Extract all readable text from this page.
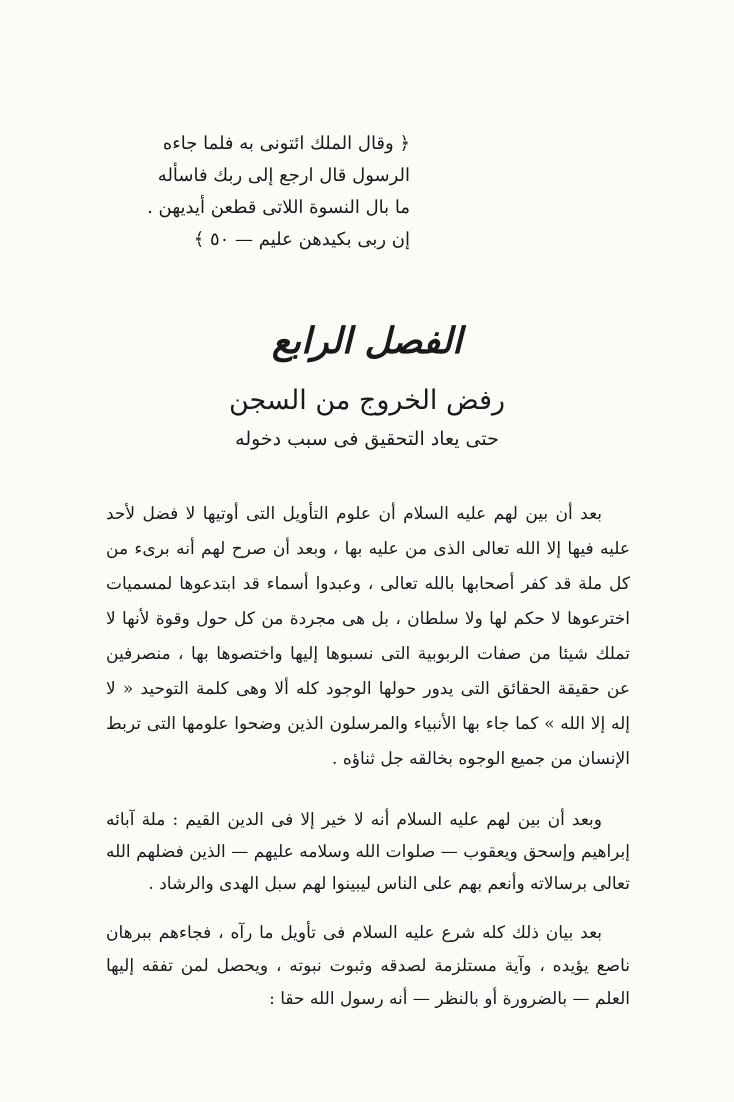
﴿ وقال الملك ائتونى به فلما جاءه
الرسول قال ارجع إلى ربك فاسأله
ما بال النسوة اللاتى قطعن أيديهن .
إن ربى بكيدهن عليم — ٥٠ ﴾
الفصل الرابع
رفض الخروج من السجن
حتى يعاد التحقيق فى سبب دخوله

بعد أن بين لهم عليه السلام أن علوم التأويل التى أوتيها لا فضل لأحد عليه فيها إلا الله تعالى الذى من عليه بها ، وبعد أن صرح لهم أنه برىء من كل ملة قد كفر أصحابها بالله تعالى ، وعبدوا أسماء قد ابتدعوها لمسميات اخترعوها لا حكم لها ولا سلطان ، بل هى مجردة من كل حول وقوة لأنها لا تملك شيئا من صفات الربوبية التى نسبوها إليها واختصوها بها ، منصرفين عن حقيقة الحقائق التى يدور حولها الوجود كله ألا وهى كلمة التوحيد « لا إله إلا الله » كما جاء بها الأنبياء والمرسلون الذين وضحوا علومها التى تربط الإنسان من جميع الوجوه بخالقه جل ثناؤه .

وبعد أن بين لهم عليه السلام أنه لا خير إلا فى الدين القيم : ملة آبائه إبراهيم وإسحق ويعقوب — صلوات الله وسلامه عليهم — الذين فضلهم الله تعالى برسالاته وأنعم بهم على الناس ليبينوا لهم سبل الهدى والرشاد .

بعد بيان ذلك كله شرع عليه السلام فى تأويل ما رآه ، فجاءهم ببرهان ناصع يؤيده ، وآية مستلزمة لصدقه وثبوت نبوته ، ويحصل لمن تفقه إليها العلم — بالضرورة أو بالنظر — أنه رسول الله حقا :
